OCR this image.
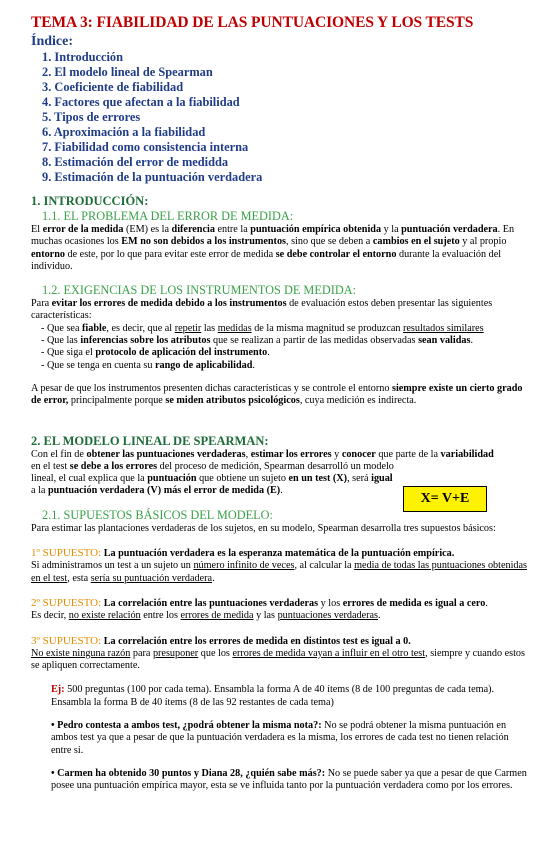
TEMA 3: FIABILIDAD DE LAS PUNTUACIONES Y LOS TESTS
Índice:
1. Introducción
2. El modelo lineal de Spearman
3. Coeficiente de fiabilidad
4. Factores que afectan a la fiabilidad
5. Tipos de errores
6. Aproximación a la fiabilidad
7. Fiabilidad como consistencia interna
8. Estimación del error de medidda
9. Estimación de la puntuación verdadera
1. INTRODUCCIÓN:
1.1. EL PROBLEMA DEL ERROR DE MEDIDA:
El error de la medida (EM) es la diferencia entre la puntuación empírica obtenida y la puntuación verdadera. En muchas ocasiones los EM no son debidos a los instrumentos, sino que se deben a cambios en el sujeto y al propio entorno de este, por lo que para evitar este error de medida se debe controlar el entorno durante la evaluación del individuo.
1.2. EXIGENCIAS DE LOS INSTRUMENTOS DE MEDIDA:
Para evitar los errores de medida debido a los instrumentos de evaluación estos deben presentar las siguientes características:
- Que sea fiable, es decir, que al repetir las medidas de la misma magnitud se produzcan resultados similares
- Que las inferencias sobre los atributos que se realizan a partir de las medidas observadas sean validas.
- Que siga el protocolo de aplicación del instrumento.
- Que se tenga en cuenta su rango de aplicabilidad.
A pesar de que los instrumentos presenten dichas características y se controle el entorno siempre existe un cierto grado de error, principalmente porque se miden atributos psicológicos, cuya medición es indirecta.
2. EL MODELO LINEAL DE SPEARMAN:
Con el fin de obtener las puntuaciones verdaderas, estimar los errores y conocer que parte de la variabilidad en el test se debe a los errores del proceso de medición, Spearman desarrolló un modelo
lineal, el cual explica que la puntuación que obtiene un sujeto en un test (X), será igual
a la puntuación verdadera (V) más el error de medida (E).
2.1. SUPUESTOS BÁSICOS DEL MODELO:
Para estimar las plantaciones verdaderas de los sujetos, en su modelo, Spearman desarrolla tres supuestos básicos:
1º SUPUESTO: La puntuación verdadera es la esperanza matemática de la puntuación empírica.
Si administramos un test a un sujeto un número infinito de veces, al calcular la media de todas las puntuaciones obtenidas en el test, esta sería su puntuación verdadera.
2º SUPUESTO: La correlación entre las puntuaciones verdaderas y los errores de medida es igual a cero.
Es decir, no existe relación entre los errores de medida y las puntuaciones verdaderas.
3º SUPUESTO: La correlación entre los errores de medida en distintos test es igual a 0.
No existe ninguna razón para presuponer que los errores de medida vayan a influir en el otro test, siempre y cuando estos se apliquen correctamente.
Ej: 500 preguntas (100 por cada tema). Ensambla la forma A de 40 ítems (8 de 100 preguntas de cada tema). Ensambla la forma B de 40 ítems (8 de las 92 restantes de cada tema)
• Pedro contesta a ambos test, ¿podrá obtener la misma nota?: No se podrá obtener la misma puntuación en ambos test ya que a pesar de que la puntuación verdadera es la misma, los errores de cada test no tienen relación entre si.
• Carmen ha obtenido 30 puntos y Diana 28, ¿quién sabe más?: No se puede saber ya que a pesar de que Carmen posee una puntuación empírica mayor, esta se ve influida tanto por la puntuación verdadera como por los errores.
X= V+E
